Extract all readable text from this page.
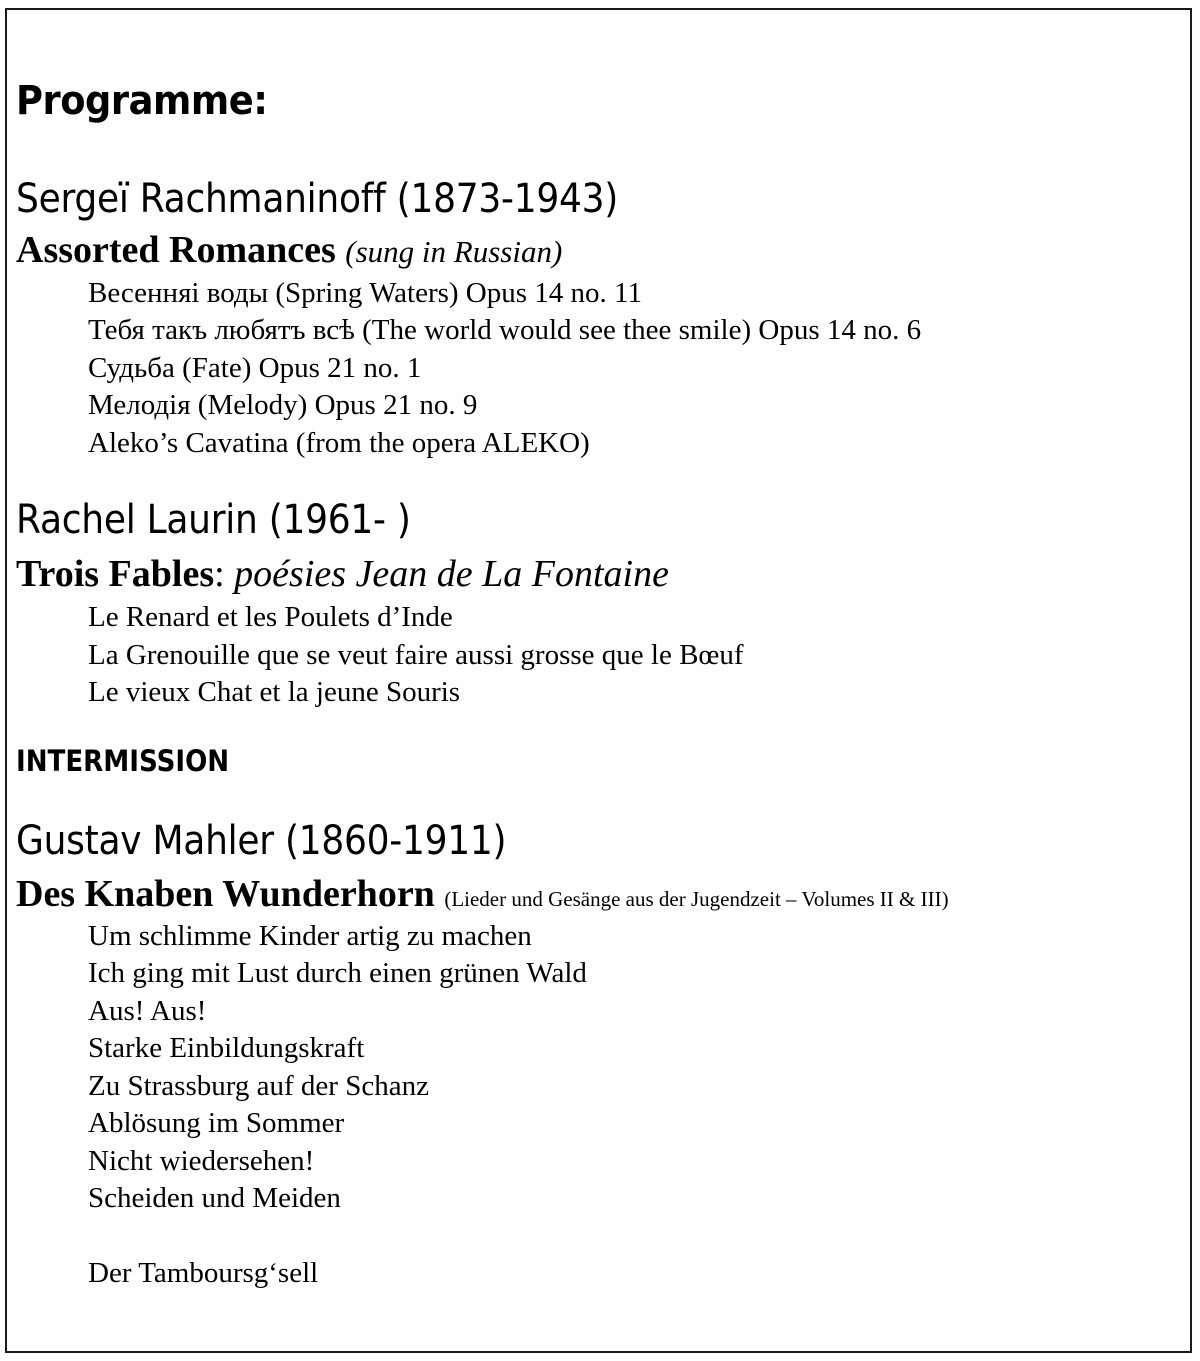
Programme:
Sergeï Rachmaninoff (1873-1943)
Assorted Romances (sung in Russian)
Весенняі воды (Spring Waters) Opus 14 no. 11
Тебя такъ любятъ всѣ (The world would see thee smile) Opus 14 no. 6
Судьба (Fate) Opus 21 no. 1
Мелодія (Melody) Opus 21 no. 9
Aleko’s Cavatina (from the opera ALEKO)
Rachel Laurin (1961- )
Trois Fables: poésies Jean de La Fontaine
Le Renard et les Poulets d’Inde
La Grenouille que se veut faire aussi grosse que le Bœuf
Le vieux Chat et la jeune Souris
INTERMISSION
Gustav Mahler (1860-1911)
Des Knaben Wunderhorn (Lieder und Gesänge aus der Jugendzeit – Volumes II & III)
Um schlimme Kinder artig zu machen
Ich ging mit Lust durch einen grünen Wald
Aus! Aus!
Starke Einbildungskraft
Zu Strassburg auf der Schanz
Ablösung im Sommer
Nicht wiedersehen!
Scheiden und Meiden
Der Tamboursg‘sell
